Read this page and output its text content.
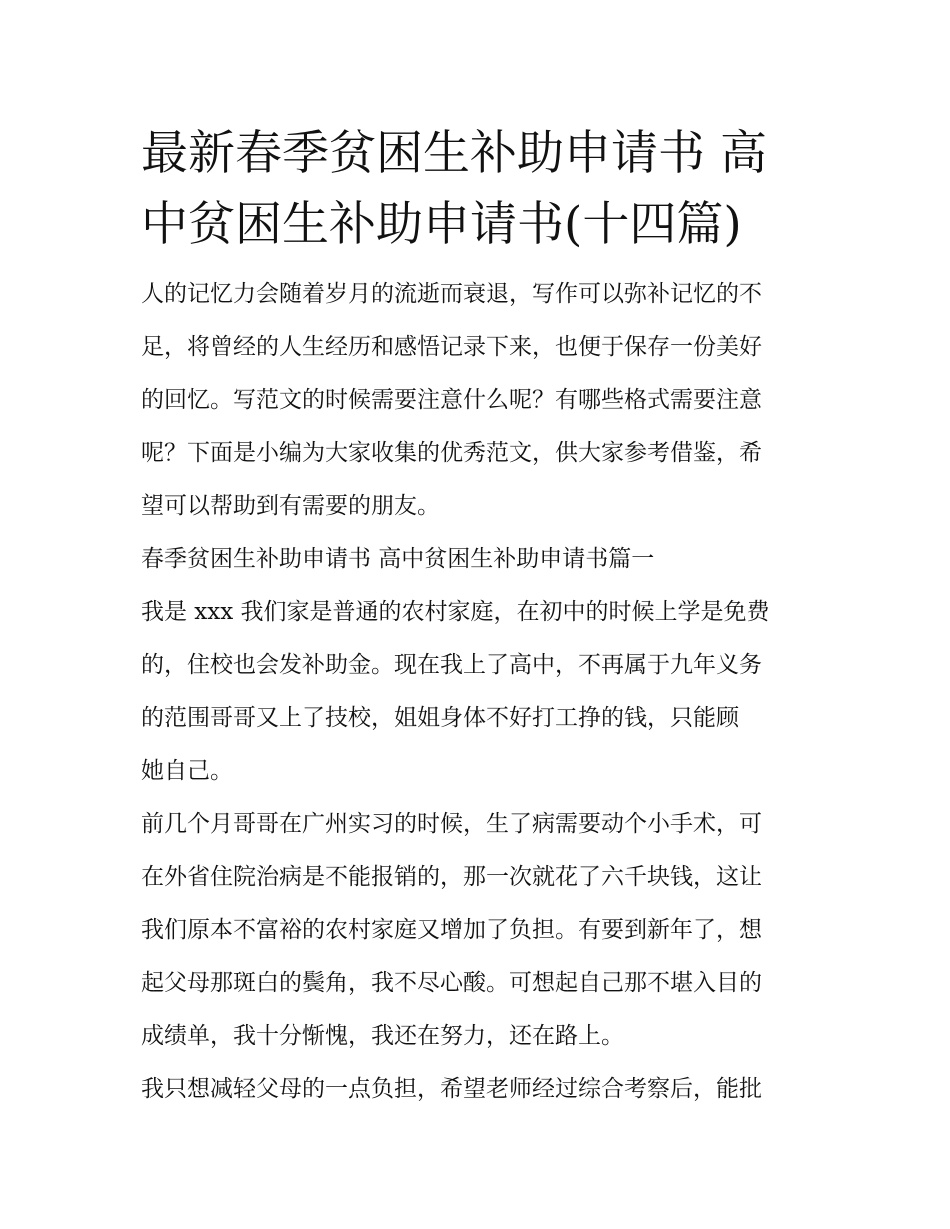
最新春季贫困生补助申请书 高
中贫困生补助申请书(十四篇)
人的记忆力会随着岁月的流逝而衰退，写作可以弥补记忆的不
足，将曾经的人生经历和感悟记录下来，也便于保存一份美好
的回忆。写范文的时候需要注意什么呢？有哪些格式需要注意
呢？下面是小编为大家收集的优秀范文，供大家参考借鉴，希
望可以帮助到有需要的朋友。
春季贫困生补助申请书 高中贫困生补助申请书篇一
我是 xxx 我们家是普通的农村家庭，在初中的时候上学是免费
的，住校也会发补助金。现在我上了高中，不再属于九年义务
的范围哥哥又上了技校，姐姐身体不好打工挣的钱，只能顾
她自己。
前几个月哥哥在广州实习的时候，生了病需要动个小手术，可
在外省住院治病是不能报销的，那一次就花了六千块钱，这让
我们原本不富裕的农村家庭又增加了负担。有要到新年了，想
起父母那斑白的鬓角，我不尽心酸。可想起自己那不堪入目的
成绩单，我十分惭愧，我还在努力，还在路上。
我只想减轻父母的一点负担，希望老师经过综合考察后，能批
